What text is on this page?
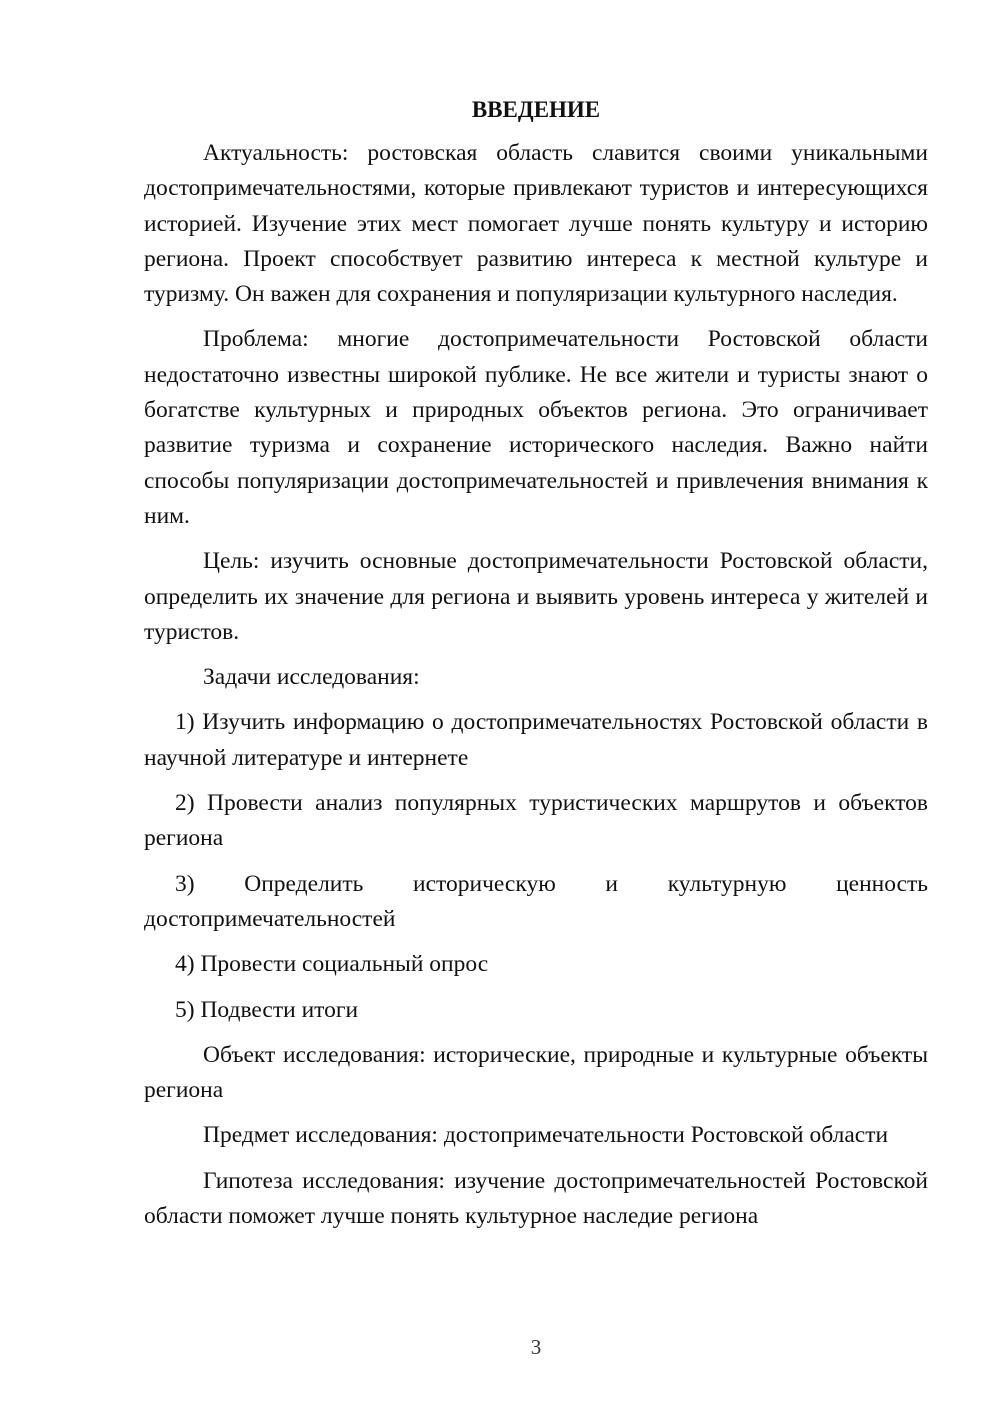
ВВЕДЕНИЕ

Актуальность: ростовская область славится своими уникальными достопримечательностями, которые привлекают туристов и интересующихся историей. Изучение этих мест помогает лучше понять культуру и историю региона. Проект способствует развитию интереса к местной культуре и туризму. Он важен для сохранения и популяризации культурного наследия.

Проблема: многие достопримечательности Ростовской области недостаточно известны широкой публике. Не все жители и туристы знают о богатстве культурных и природных объектов региона. Это ограничивает развитие туризма и сохранение исторического наследия. Важно найти способы популяризации достопримечательностей и привлечения внимания к ним.

Цель: изучить основные достопримечательности Ростовской области, определить их значение для региона и выявить уровень интереса у жителей и туристов.

Задачи исследования:

1) Изучить информацию о достопримечательностях Ростовской области в научной литературе и интернете

2) Провести анализ популярных туристических маршрутов и объектов региона

3) Определить историческую и культурную ценность достопримечательностей

4) Провести социальный опрос

5) Подвести итоги

Объект исследования: исторические, природные и культурные объекты региона

Предмет исследования: достопримечательности Ростовской области

Гипотеза исследования: изучение достопримечательностей Ростовской области поможет лучше понять культурное наследие региона

3
